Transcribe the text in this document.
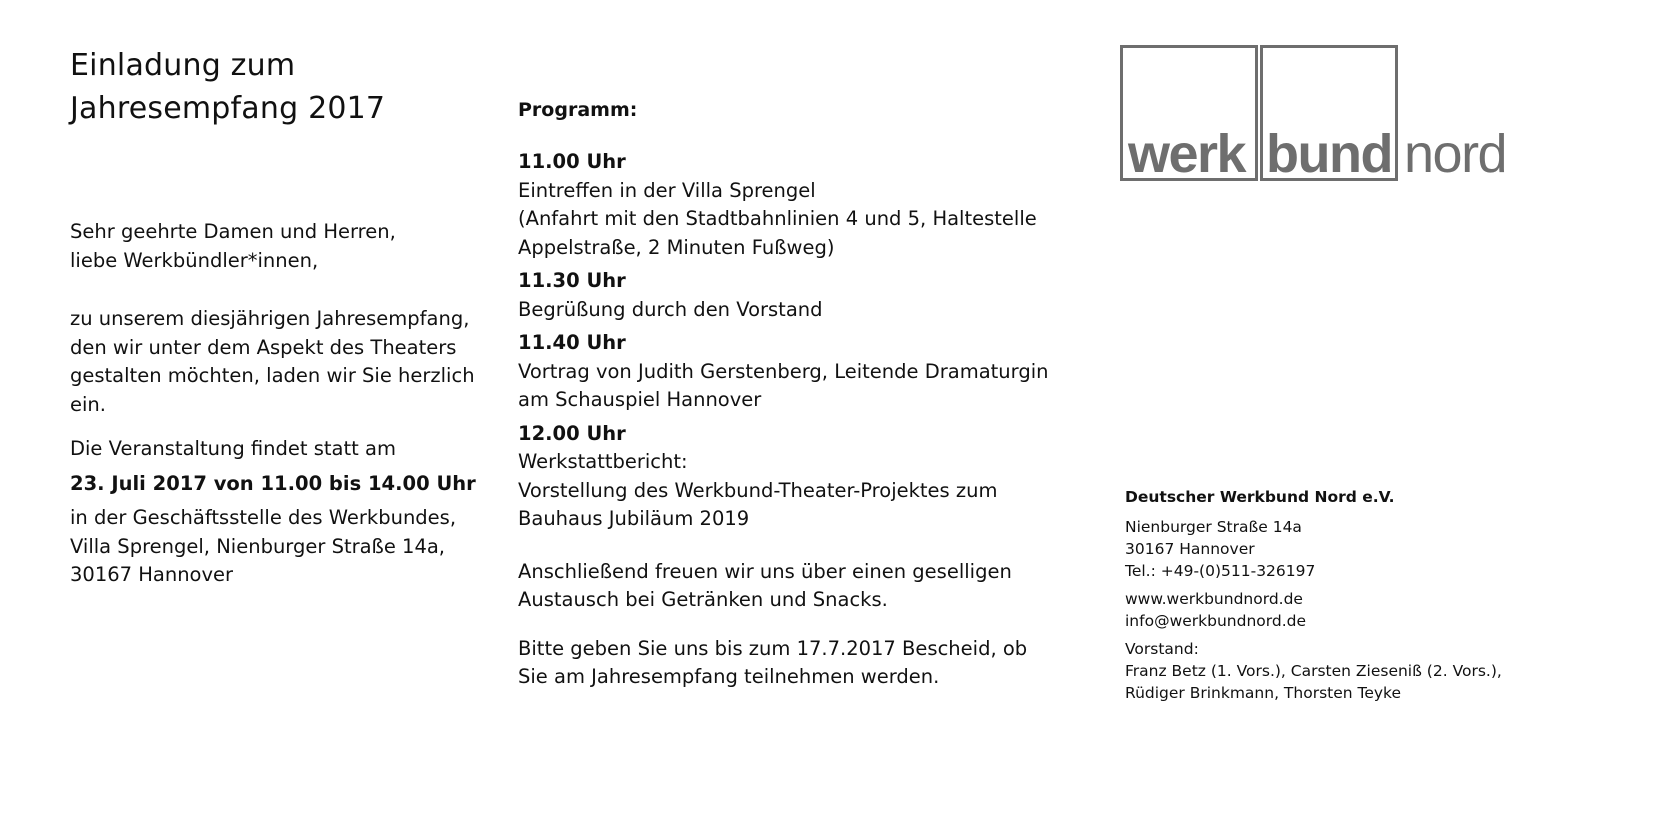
Einladung zum
Jahresempfang 2017
Sehr geehrte Damen und Herren,
liebe Werkbündler*innen,
zu unserem diesjährigen Jahresempfang,
den wir unter dem Aspekt des Theaters
gestalten möchten, laden wir Sie herzlich
ein.
Die Veranstaltung findet statt am
23. Juli 2017 von 11.00 bis 14.00 Uhr
in der Geschäftsstelle des Werkbundes,
Villa Sprengel, Nienburger Straße 14a,
30167 Hannover
Programm:
11.00 Uhr
Eintreffen in der Villa Sprengel
(Anfahrt mit den Stadtbahnlinien 4 und 5, Haltestelle
Appelstraße, 2 Minuten Fußweg)
11.30 Uhr
Begrüßung durch den Vorstand
11.40 Uhr
Vortrag von Judith Gerstenberg, Leitende Dramaturgin
am Schauspiel Hannover
12.00 Uhr
Werkstattbericht:
Vorstellung des Werkbund-Theater-Projektes zum
Bauhaus Jubiläum 2019
Anschließend freuen wir uns über einen geselligen
Austausch bei Getränken und Snacks.
Bitte geben Sie uns bis zum 17.7.2017 Bescheid, ob
Sie am Jahresempfang teilnehmen werden.
werk bund nord
Deutscher Werkbund Nord e.V.
Nienburger Straße 14a
30167 Hannover
Tel.: +49-(0)511-326197
www.werkbundnord.de
info@werkbundnord.de
Vorstand:
Franz Betz (1. Vors.), Carsten Zieseniß (2. Vors.),
Rüdiger Brinkmann, Thorsten Teyke
